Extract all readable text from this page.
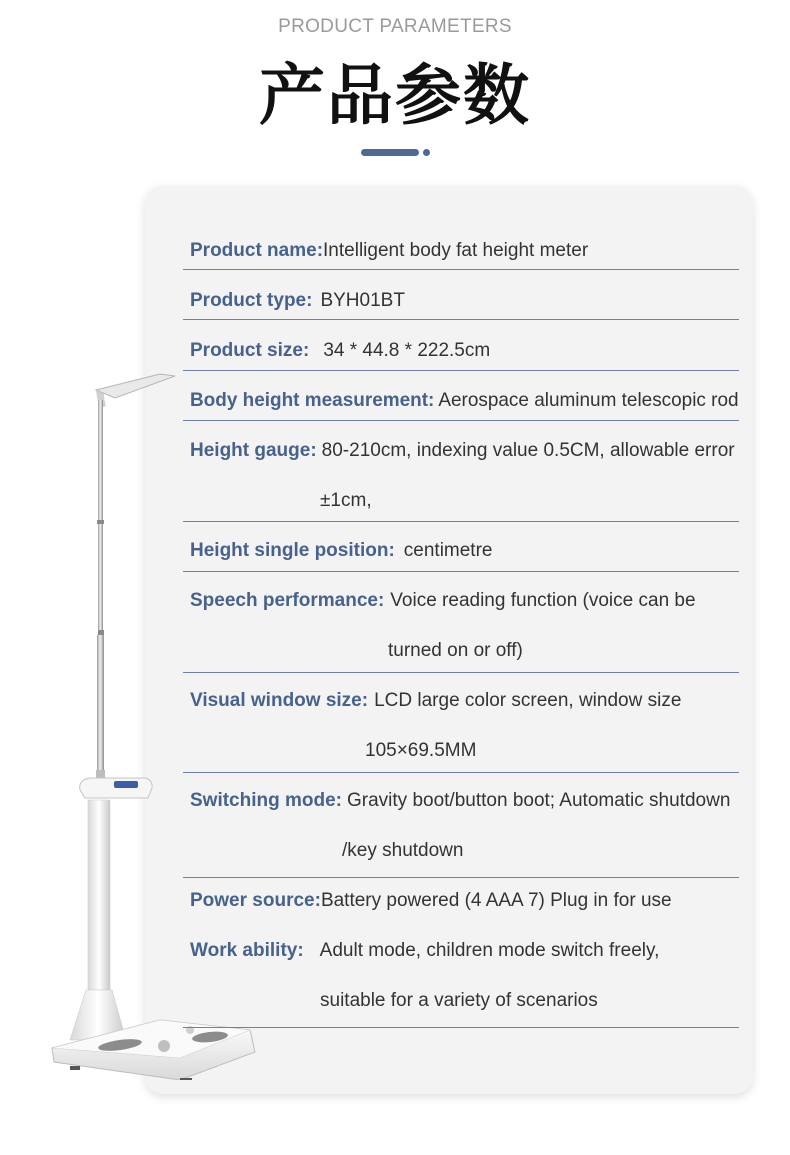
PRODUCT PARAMETERS
产品参数
Product name:Intelligent body fat height meter
Product type: BYH01BT
Product size: 34 * 44.8 * 222.5cm
Body height measurement: Aerospace aluminum telescopic rod
Height gauge: 80-210cm, indexing value 0.5CM, allowable error
±1cm,
Height single position: centimetre
Speech performance: Voice reading function (voice can be
turned on or off)
Visual window size: LCD large color screen, window size
105×69.5MM
Switching mode: Gravity boot/button boot; Automatic shutdown
/key shutdown
Power source:Battery powered (4 AAA 7) Plug in for use
Work ability: Adult mode, children mode switch freely,
suitable for a variety of scenarios
